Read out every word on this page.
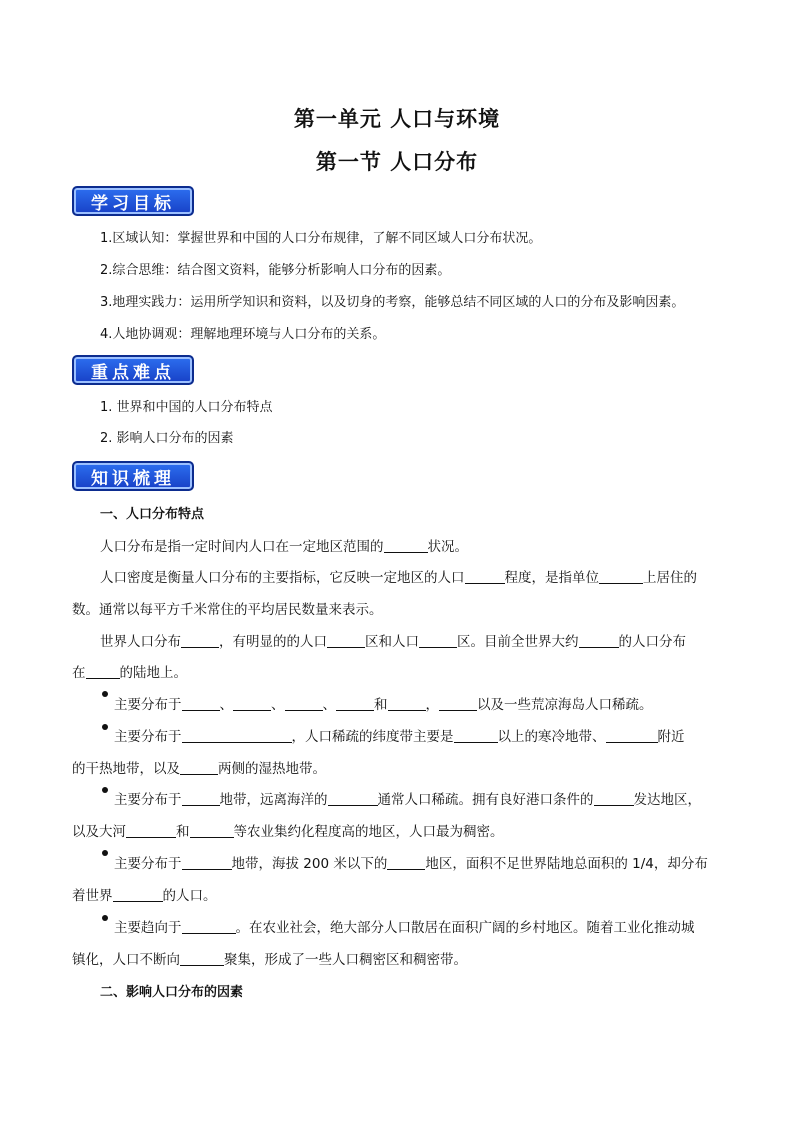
第一单元 人口与环境
第一节 人口分布
学习目标
1.区域认知：掌握世界和中国的人口分布规律，了解不同区域人口分布状况。
2.综合思维：结合图文资料，能够分析影响人口分布的因素。
3.地理实践力：运用所学知识和资料，以及切身的考察，能够总结不同区域的人口的分布及影响因素。
4.人地协调观：理解地理环境与人口分布的关系。
重点难点
1. 世界和中国的人口分布特点
2. 影响人口分布的因素
知识梳理
一、人口分布特点
人口分布是指一定时间内人口在一定地区范围的	状况。
人口密度是衡量人口分布的主要指标，它反映一定地区的人口	程度，是指单位	上居住的
数。通常以每平方千米常住的平均居民数量来表示。
世界人口分布	，有明显的的人口	区和人口	区。目前全世界大约	的人口分布
在	的陆地上。
主要分布于	、	、	、	和	，	以及一些荒凉海岛人口稀疏。
主要分布于	，人口稀疏的纬度带主要是	以上的寒冷地带、	附近
的干热地带，以及	两侧的湿热地带。
主要分布于	地带，远离海洋的	通常人口稀疏。拥有良好港口条件的	发达地区，
以及大河	和	等农业集约化程度高的地区，人口最为稠密。
主要分布于	地带，海拔 200 米以下的	地区，面积不足世界陆地总面积的 1/4，却分布
着世界	的人口。
主要趋向于	。在农业社会，绝大部分人口散居在面积广阔的乡村地区。随着工业化推动城
镇化，人口不断向	聚集，形成了一些人口稠密区和稠密带。
二、影响人口分布的因素
